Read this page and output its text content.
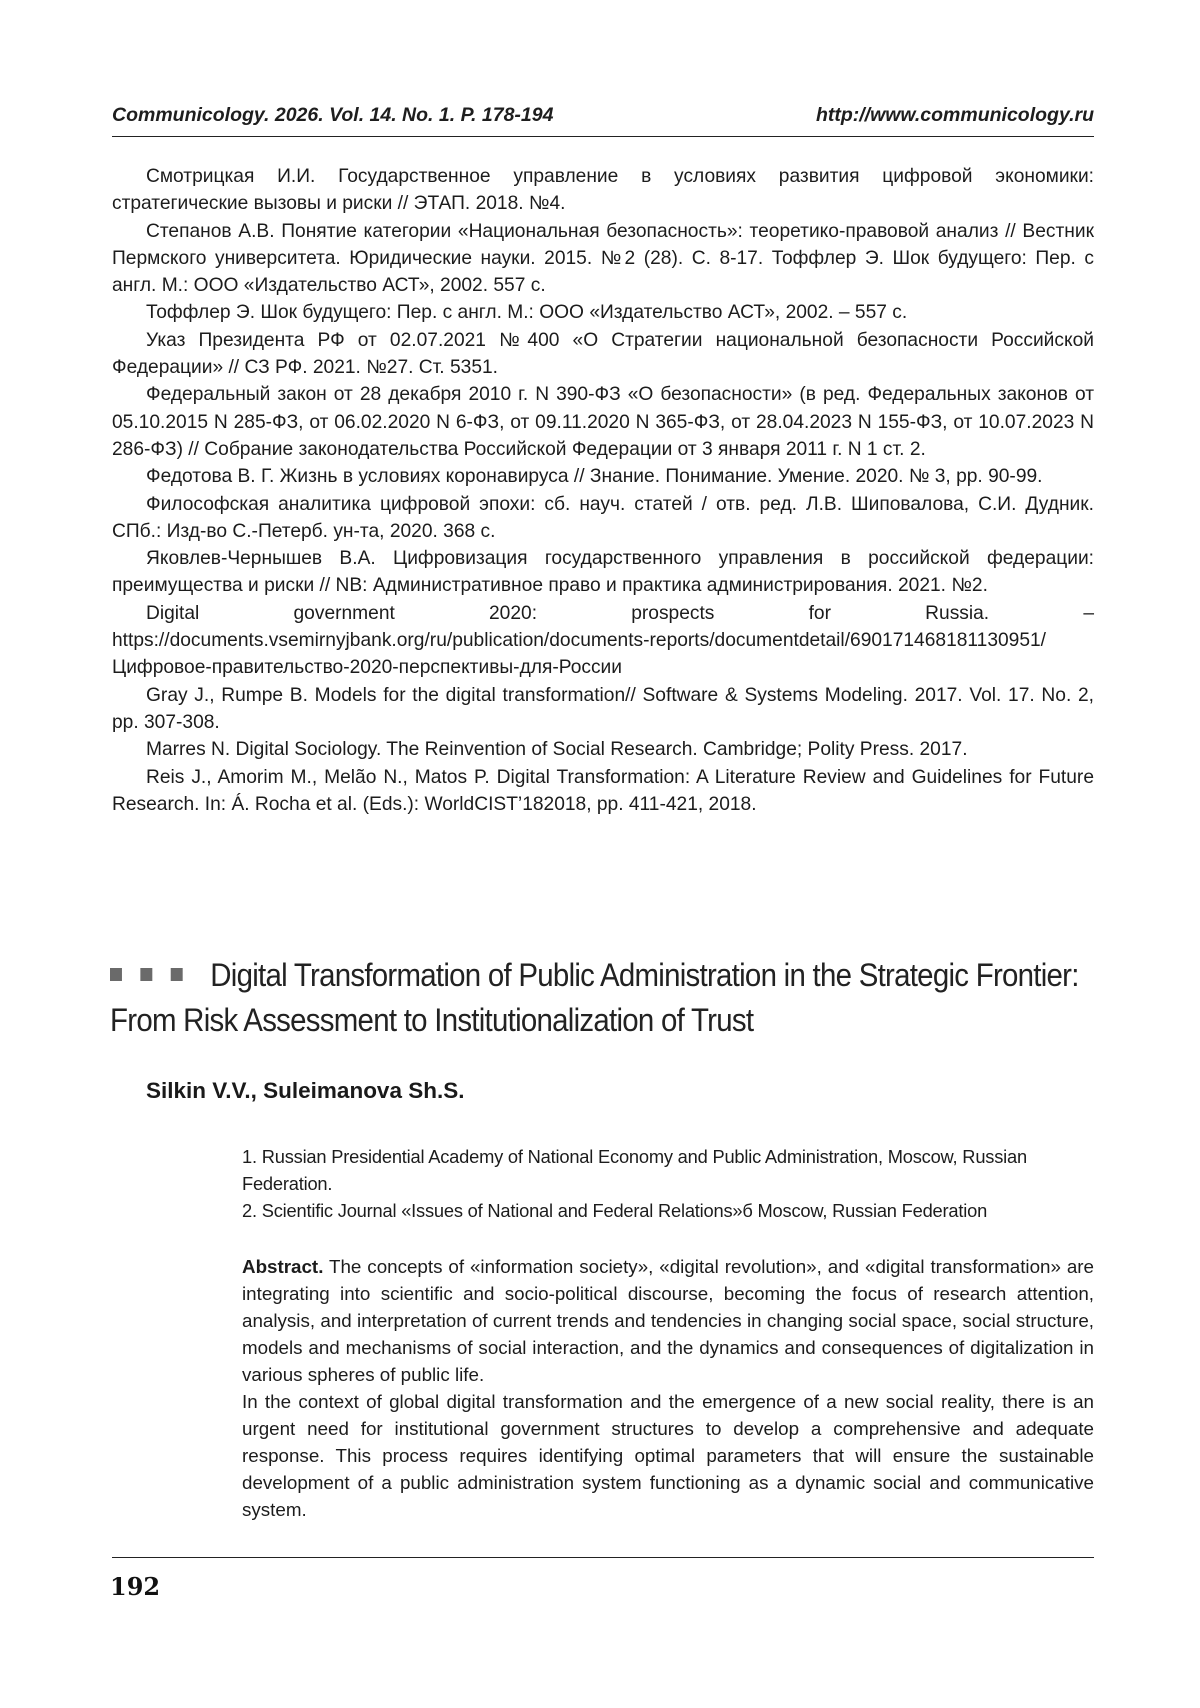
Communicology. 2026. Vol. 14. No. 1. P. 178-194	http://www.communicology.ru

Смотрицкая И.И. Государственное управление в условиях развития цифровой экономики: стратегические вызовы и риски // ЭТАП. 2018. №4.

Степанов А.В. Понятие категории «Национальная безопасность»: теоретико-правовой анализ // Вестник Пермского университета. Юридические науки. 2015. №2 (28). С. 8-17. Тоффлер Э. Шок будущего: Пер. с англ. М.: ООО «Издательство АСТ», 2002. 557 с.

Тоффлер Э. Шок будущего: Пер. с англ. М.: ООО «Издательство АСТ», 2002. – 557 с.

Указ Президента РФ от 02.07.2021 №400 «О Стратегии национальной безопасности Российской Федерации» // СЗ РФ. 2021. №27. Ст. 5351.

Федеральный закон от 28 декабря 2010 г. N 390-ФЗ «О безопасности» (в ред. Федеральных законов от 05.10.2015 N 285-ФЗ, от 06.02.2020 N 6-ФЗ, от 09.11.2020 N 365-ФЗ, от 28.04.2023 N 155-ФЗ, от 10.07.2023 N 286-ФЗ) // Собрание законодательства Российской Федерации от 3 января 2011 г. N 1 ст. 2.

Федотова В. Г. Жизнь в условиях коронавируса // Знание. Понимание. Умение. 2020. № 3, pp. 90-99.

Философская аналитика цифровой эпохи: сб. науч. статей / отв. ред. Л.В. Шиповалова, С.И. Дудник. СПб.: Изд-во С.-Петерб. ун-та, 2020. 368 с.

Яковлев-Чернышев В.А. Цифровизация государственного управления в российской федерации: преимущества и риски // NB: Административное право и практика администрирования. 2021. №2.

Digital government 2020: prospects for Russia. – https://documents.vsemirnyjbank.org/ru/publication/documents-reports/documentdetail/690171468181130951/Цифровое-правительство-2020-перспективы-для-России

Gray J., Rumpe B. Models for the digital transformation// Software & Systems Modeling. 2017. Vol. 17. No. 2, pp. 307-308.

Marres N. Digital Sociology. The Reinvention of Social Research. Cambridge; Polity Press. 2017.

Reis J., Amorim M., Melão N., Matos P. Digital Transformation: A Literature Review and Guidelines for Future Research. In: Á. Rocha et al. (Eds.): WorldCIST’182018, pp. 411-421, 2018.

Digital Transformation of Public Administration in the Strategic Frontier: From Risk Assessment to Institutionalization of Trust
Silkin V.V., Suleimanova Sh.S.

1. Russian Presidential Academy of National Economy and Public Administration, Moscow, Russian Federation.

2. Scientific Journal «Issues of National and Federal Relations»б Moscow, Russian Federation

Abstract. The concepts of «information society», «digital revolution», and «digital transformation» are integrating into scientific and socio-political discourse, becoming the focus of research attention, analysis, and interpretation of current trends and tendencies in changing social space, social structure, models and mechanisms of social interaction, and the dynamics and consequences of digitalization in various spheres of public life.

In the context of global digital transformation and the emergence of a new social reality, there is an urgent need for institutional government structures to develop a comprehensive and adequate response. This process requires identifying optimal parameters that will ensure the sustainable development of a public administration system functioning as a dynamic social and communicative system.

192
